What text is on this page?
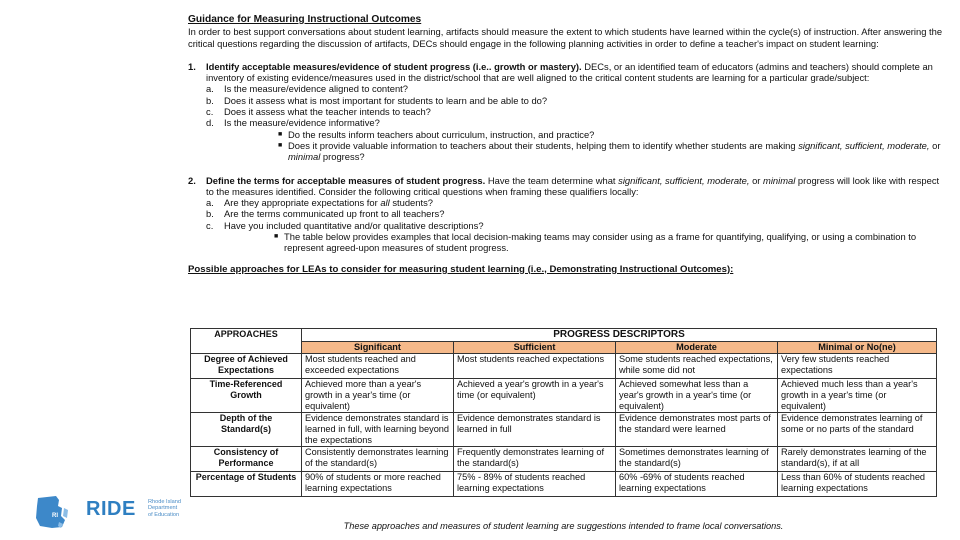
Guidance for Measuring Instructional Outcomes

In order to best support conversations about student learning, artifacts should measure the extent to which students have learned within the cycle(s) of instruction. After answering the critical questions regarding the discussion of artifacts, DECs should engage in the following planning activities in order to define a teacher's impact on student learning:

1.	Identify acceptable measures/evidence of student progress (i.e.. growth or mastery). DECs, or an identified team of educators (admins and teachers) should complete an inventory of existing evidence/measures used in the district/school that are well aligned to the critical content students are learning for a particular grade/subject:
a.	Is the measure/evidence aligned to content?
b.	Does it assess what is most important for students to learn and be able to do?
c.	Does it assess what the teacher intends to teach?
d.	Is the measure/evidence informative?
■ Do the results inform teachers about curriculum, instruction, and practice?
■ Does it provide valuable information to teachers about their students, helping them to identify whether students are making significant, sufficient, moderate, or minimal progress?
2.	Define the terms for acceptable measures of student progress. Have the team determine what significant, sufficient, moderate, or minimal progress will look like with respect to the measures identified. Consider the following critical questions when framing these qualifiers locally:
a.	Are they appropriate expectations for all students?
b.	Are the terms communicated up front to all teachers?
c.	Have you included quantitative and/or qualitative descriptions?
■ The table below provides examples that local decision-making teams may consider using as a frame for quantifying, qualifying, or using a combination to represent agreed-upon measures of student progress.
Possible approaches for LEAs to consider for measuring student learning (i.e., Demonstrating Instructional Outcomes):
APPROACHES	PROGRESS DESCRIPTORS			
	Significant	Sufficient	Moderate	Minimal or No(ne)
Degree of Achieved Expectations	Most students reached and exceeded expectations	Most students reached expectations	Some students reached expectations, while some did not	Very few students reached expectations
Time-Referenced Growth	Achieved more than a year's growth in a year's time (or equivalent)	Achieved a year's growth in a year's time (or equivalent)	Achieved somewhat less than a year's growth in a year's time (or equivalent)	Achieved much less than a year's growth in a year's time (or equivalent)
Depth of the Standard(s)	Evidence demonstrates standard is learned in full, with learning beyond the expectations	Evidence demonstrates standard is learned in full	Evidence demonstrates most parts of the standard were learned	Evidence demonstrates learning of some or no parts of the standard
Consistency of Performance	Consistently demonstrates learning of the standard(s)	Frequently demonstrates learning of the standard(s)	Sometimes demonstrates learning of the standard(s)	Rarely demonstrates learning of the standard(s), if at all
Percentage of Students	90% of students or more reached learning expectations	75% - 89% of students reached learning expectations	60% -69% of students reached learning expectations	Less than 60% of students reached learning expectations
These approaches and measures of student learning are suggestions intended to frame local conversations.
RI RIDE Rhode Island
Department
of Education
